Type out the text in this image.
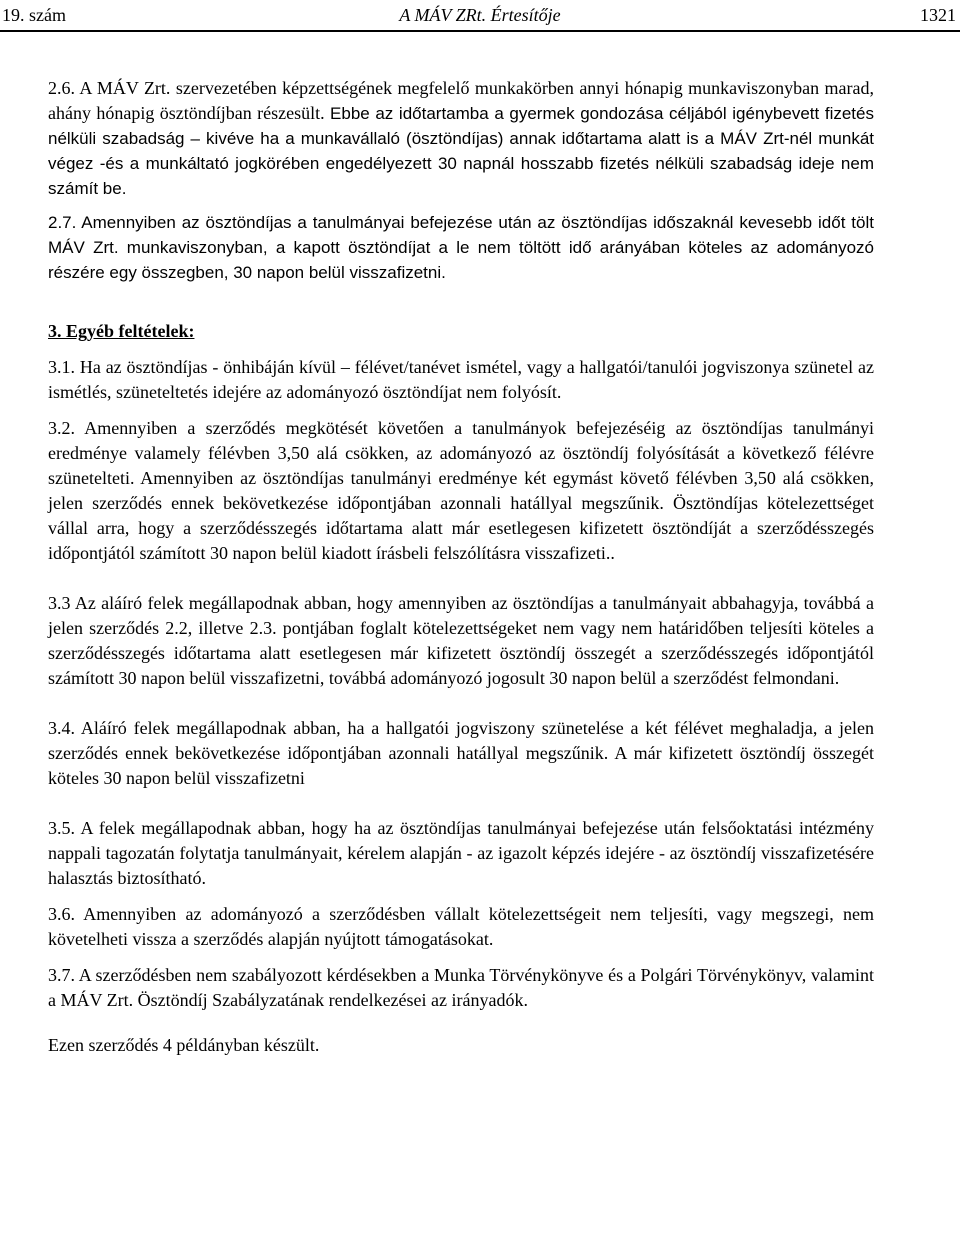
19. szám	A MÁV ZRt. Értesítője	1321

2.6. A MÁV Zrt. szervezetében képzettségének megfelelő munkakörben annyi hónapig munkaviszonyban marad, ahány hónapig ösztöndíjban részesült. Ebbe az időtartamba a gyermek gondozása céljából igénybevett fizetés nélküli szabadság – kivéve ha a munkavállaló (ösztöndíjas) annak időtartama alatt is a MÁV Zrt-nél munkát végez -és a munkáltató jogkörében engedélyezett 30 napnál hosszabb fizetés nélküli szabadság ideje nem számít be.

2.7. Amennyiben az ösztöndíjas a tanulmányai befejezése után az ösztöndíjas időszaknál kevesebb időt tölt MÁV Zrt. munkaviszonyban, a kapott ösztöndíjat a le nem töltött idő arányában köteles az adományozó részére egy összegben, 30 napon belül visszafizetni.

3. Egyéb feltételek:

3.1. Ha az ösztöndíjas - önhibáján kívül – félévet/tanévet ismétel, vagy a hallgatói/tanulói jogviszonya szünetel az ismétlés, szüneteltetés idejére az adományozó ösztöndíjat nem folyósít.

3.2. Amennyiben a szerződés megkötését követően a tanulmányok befejezéséig az ösztöndíjas tanulmányi eredménye valamely félévben 3,50 alá csökken, az adományozó az ösztöndíj folyósítását a következő félévre szünetelteti. Amennyiben az ösztöndíjas tanulmányi eredménye két egymást követő félévben 3,50 alá csökken, jelen szerződés ennek bekövetkezése időpontjában azonnali hatállyal megszűnik. Ösztöndíjas kötelezettséget vállal arra, hogy a szerződésszegés időtartama alatt már esetlegesen kifizetett ösztöndíját a szerződésszegés időpontjától számított 30 napon belül kiadott írásbeli felszólításra visszafizeti..

3.3 Az aláíró felek megállapodnak abban, hogy amennyiben az ösztöndíjas a tanulmányait abbahagyja, továbbá a jelen szerződés 2.2, illetve 2.3. pontjában foglalt kötelezettségeket nem vagy nem határidőben teljesíti köteles a szerződésszegés időtartama alatt esetlegesen már kifizetett ösztöndíj összegét a szerződésszegés időpontjától számított 30 napon belül visszafizetni, továbbá adományozó jogosult 30 napon belül a szerződést felmondani.

3.4. Aláíró felek megállapodnak abban, ha a hallgatói jogviszony szünetelése a két félévet meghaladja, a jelen szerződés ennek bekövetkezése időpontjában azonnali hatállyal megszűnik. A már kifizetett ösztöndíj összegét köteles 30 napon belül visszafizetni

3.5. A felek megállapodnak abban, hogy ha az ösztöndíjas tanulmányai befejezése után felsőoktatási intézmény nappali tagozatán folytatja tanulmányait, kérelem alapján - az igazolt képzés idejére - az ösztöndíj visszafizetésére halasztás biztosítható.

3.6. Amennyiben az adományozó a szerződésben vállalt kötelezettségeit nem teljesíti, vagy megszegi, nem követelheti vissza a szerződés alapján nyújtott támogatásokat.

3.7. A szerződésben nem szabályozott kérdésekben a Munka Törvénykönyve és a Polgári Törvénykönyv, valamint a MÁV Zrt. Ösztöndíj Szabályzatának rendelkezései az irányadók.

Ezen szerződés 4 példányban készült.
